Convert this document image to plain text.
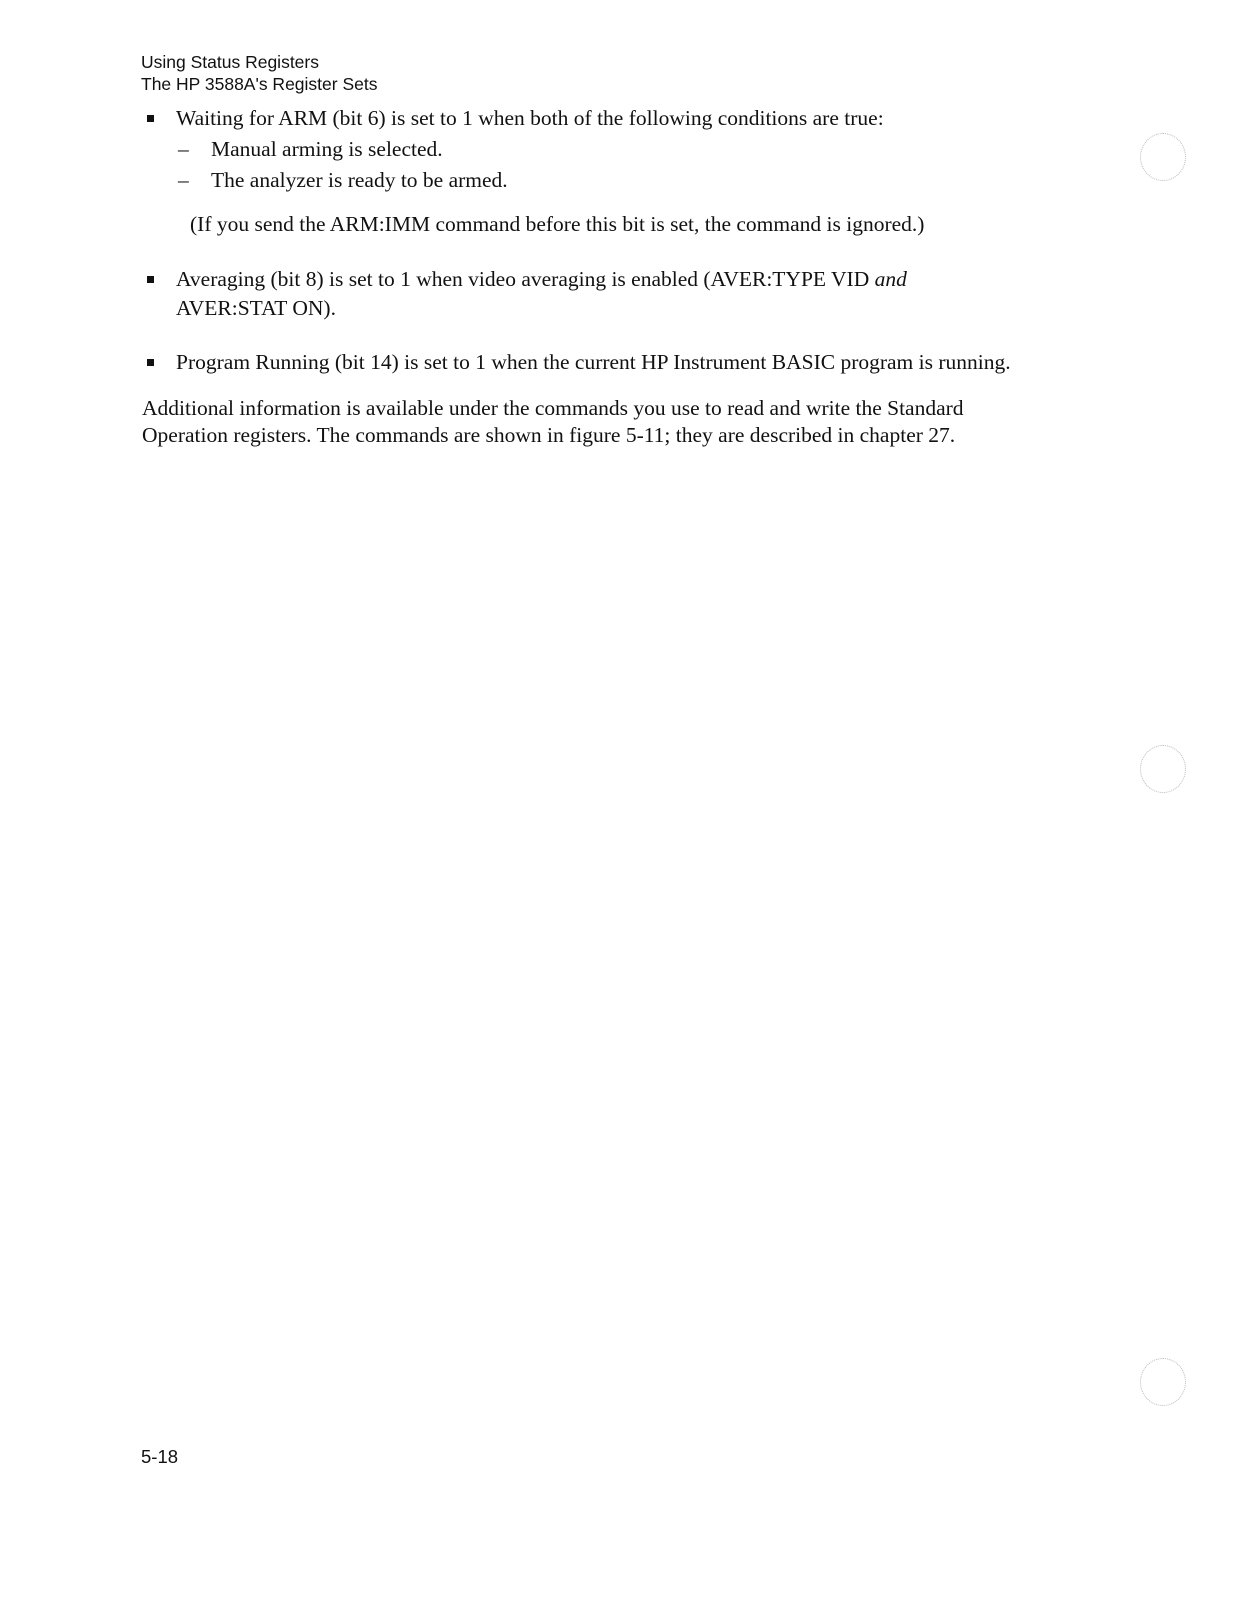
Using Status Registers
The HP 3588A's Register Sets
Waiting for ARM (bit 6) is set to 1 when both of the following conditions are true:
– Manual arming is selected.
– The analyzer is ready to be armed.
(If you send the ARM:IMM command before this bit is set, the command is ignored.)
Averaging (bit 8) is set to 1 when video averaging is enabled (AVER:TYPE VID and
AVER:STAT ON).
Program Running (bit 14) is set to 1 when the current HP Instrument BASIC program is running.
Additional information is available under the commands you use to read and write the Standard
Operation registers. The commands are shown in figure 5-11; they are described in chapter 27.
5-18
